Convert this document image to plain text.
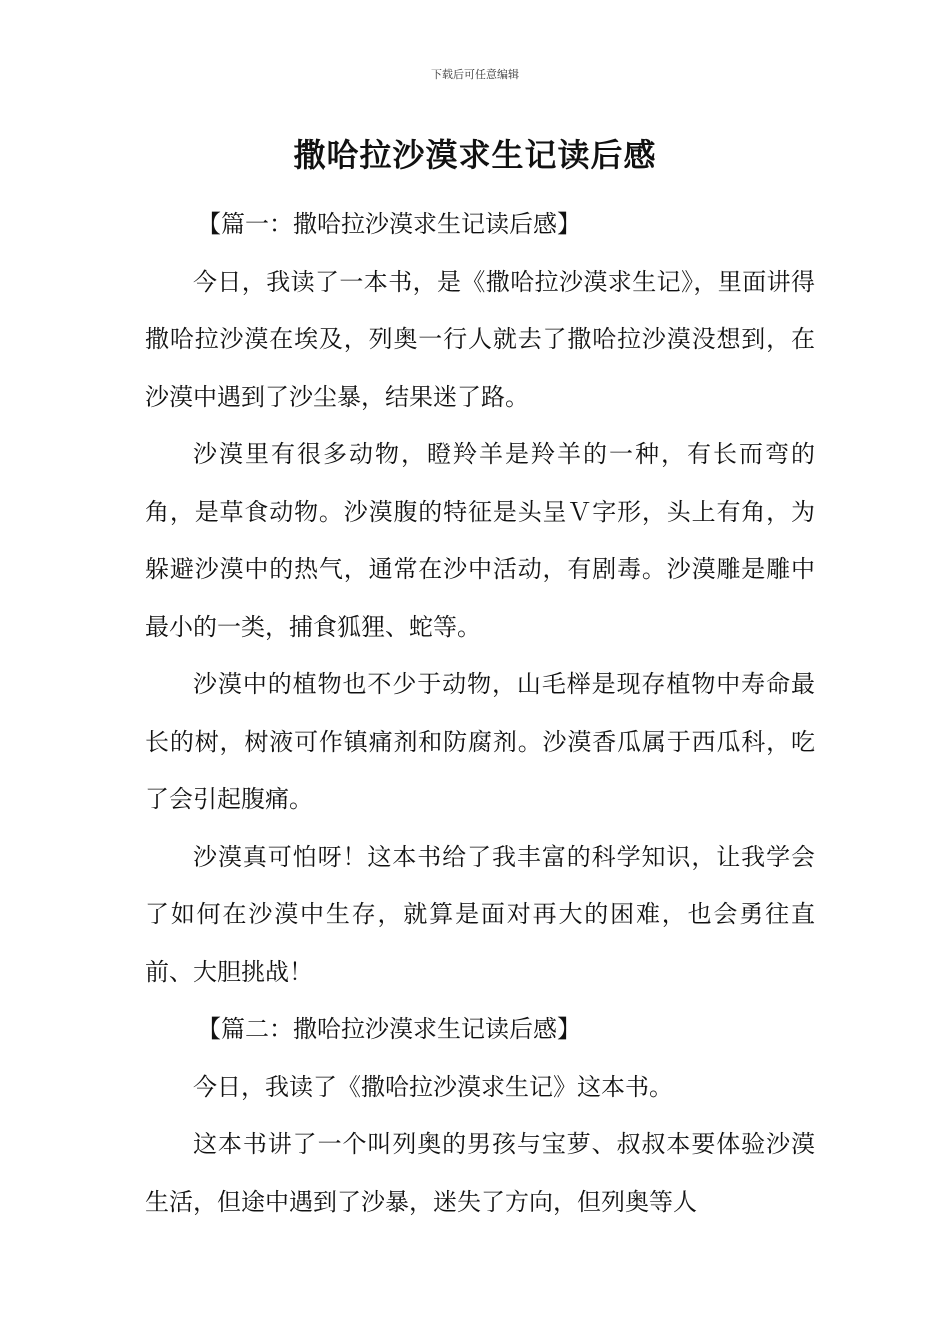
下载后可任意编辑
撒哈拉沙漠求生记读后感

【篇一：撒哈拉沙漠求生记读后感】

今日，我读了一本书，是《撒哈拉沙漠求生记》，里面讲得撒哈拉沙漠在埃及，列奥一行人就去了撒哈拉沙漠没想到，在沙漠中遇到了沙尘暴，结果迷了路。

沙漠里有很多动物，瞪羚羊是羚羊的一种，有长而弯的角，是草食动物。沙漠腹的特征是头呈Ｖ字形，头上有角，为躲避沙漠中的热气，通常在沙中活动，有剧毒。沙漠雕是雕中最小的一类，捕食狐狸、蛇等。

沙漠中的植物也不少于动物，山毛榉是现存植物中寿命最长的树，树液可作镇痛剂和防腐剂。沙漠香瓜属于西瓜科，吃了会引起腹痛。

沙漠真可怕呀！这本书给了我丰富的科学知识，让我学会了如何在沙漠中生存，就算是面对再大的困难，也会勇往直前、大胆挑战！

【篇二：撒哈拉沙漠求生记读后感】

今日，我读了《撒哈拉沙漠求生记》这本书。

这本书讲了一个叫列奥的男孩与宝萝、叔叔本要体验沙漠生活，但途中遇到了沙暴，迷失了方向，但列奥等人
